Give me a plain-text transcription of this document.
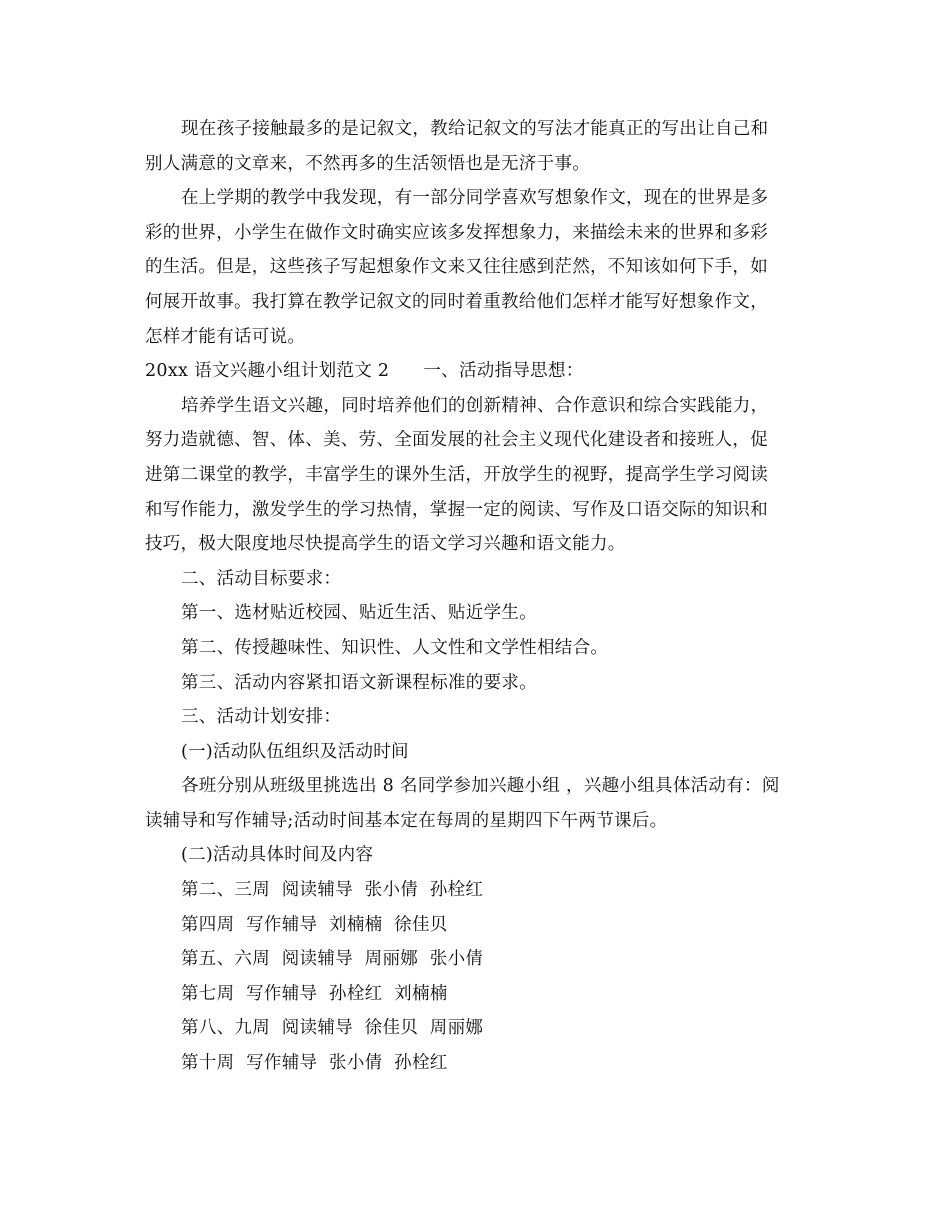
现在孩子接触最多的是记叙文，教给记叙文的写法才能真正的写出让自己和
别人满意的文章来，不然再多的生活领悟也是无济于事。
在上学期的教学中我发现，有一部分同学喜欢写想象作文，现在的世界是多
彩的世界，小学生在做作文时确实应该多发挥想象力，来描绘未来的世界和多彩
的生活。但是，这些孩子写起想象作文来又往往感到茫然，不知该如何下手，如
何展开故事。我打算在教学记叙文的同时着重教给他们怎样才能写好想象作文，
怎样才能有话可说。
20xx 语文兴趣小组计划范文 2 一、活动指导思想：
培养学生语文兴趣，同时培养他们的创新精神、合作意识和综合实践能力，
努力造就德、智、体、美、劳、全面发展的社会主义现代化建设者和接班人，促
进第二课堂的教学，丰富学生的课外生活，开放学生的视野，提高学生学习阅读
和写作能力，激发学生的学习热情，掌握一定的阅读、写作及口语交际的知识和
技巧，极大限度地尽快提高学生的语文学习兴趣和语文能力。
二、活动目标要求：
第一、选材贴近校园、贴近生活、贴近学生。
第二、传授趣味性、知识性、人文性和文学性相结合。
第三、活动内容紧扣语文新课程标准的要求。
三、活动计划安排：
(一)活动队伍组织及活动时间
各班分别从班级里挑选出 8 名同学参加兴趣小组 ，兴趣小组具体活动有：阅
读辅导和写作辅导;活动时间基本定在每周的星期四下午两节课后。
(二)活动具体时间及内容
第二、三周  阅读辅导  张小倩  孙栓红
第四周  写作辅导  刘楠楠  徐佳贝
第五、六周  阅读辅导  周丽娜  张小倩
第七周  写作辅导  孙栓红  刘楠楠
第八、九周  阅读辅导  徐佳贝  周丽娜
第十周  写作辅导  张小倩  孙栓红
